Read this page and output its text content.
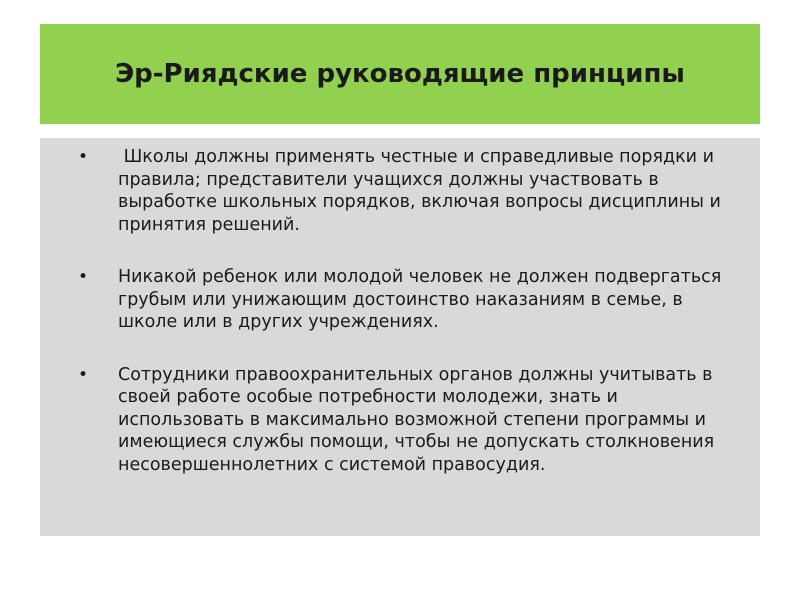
Эр-Риядские руководящие принципы
• Школы должны применять честные и справедливые порядки и правила; представители учащихся должны участвовать в выработке школьных порядков, включая вопросы дисциплины и принятия решений.
• Никакой ребенок или молодой человек не должен подвергаться грубым или унижающим достоинство наказаниям в семье, в школе или в других учреждениях.
• Сотрудники правоохранительных органов должны учитывать в своей работе особые потребности молодежи, знать и использовать в максимально возможной степени программы и имеющиеся службы помощи, чтобы не допускать столкновения несовершеннолетних с системой правосудия.
